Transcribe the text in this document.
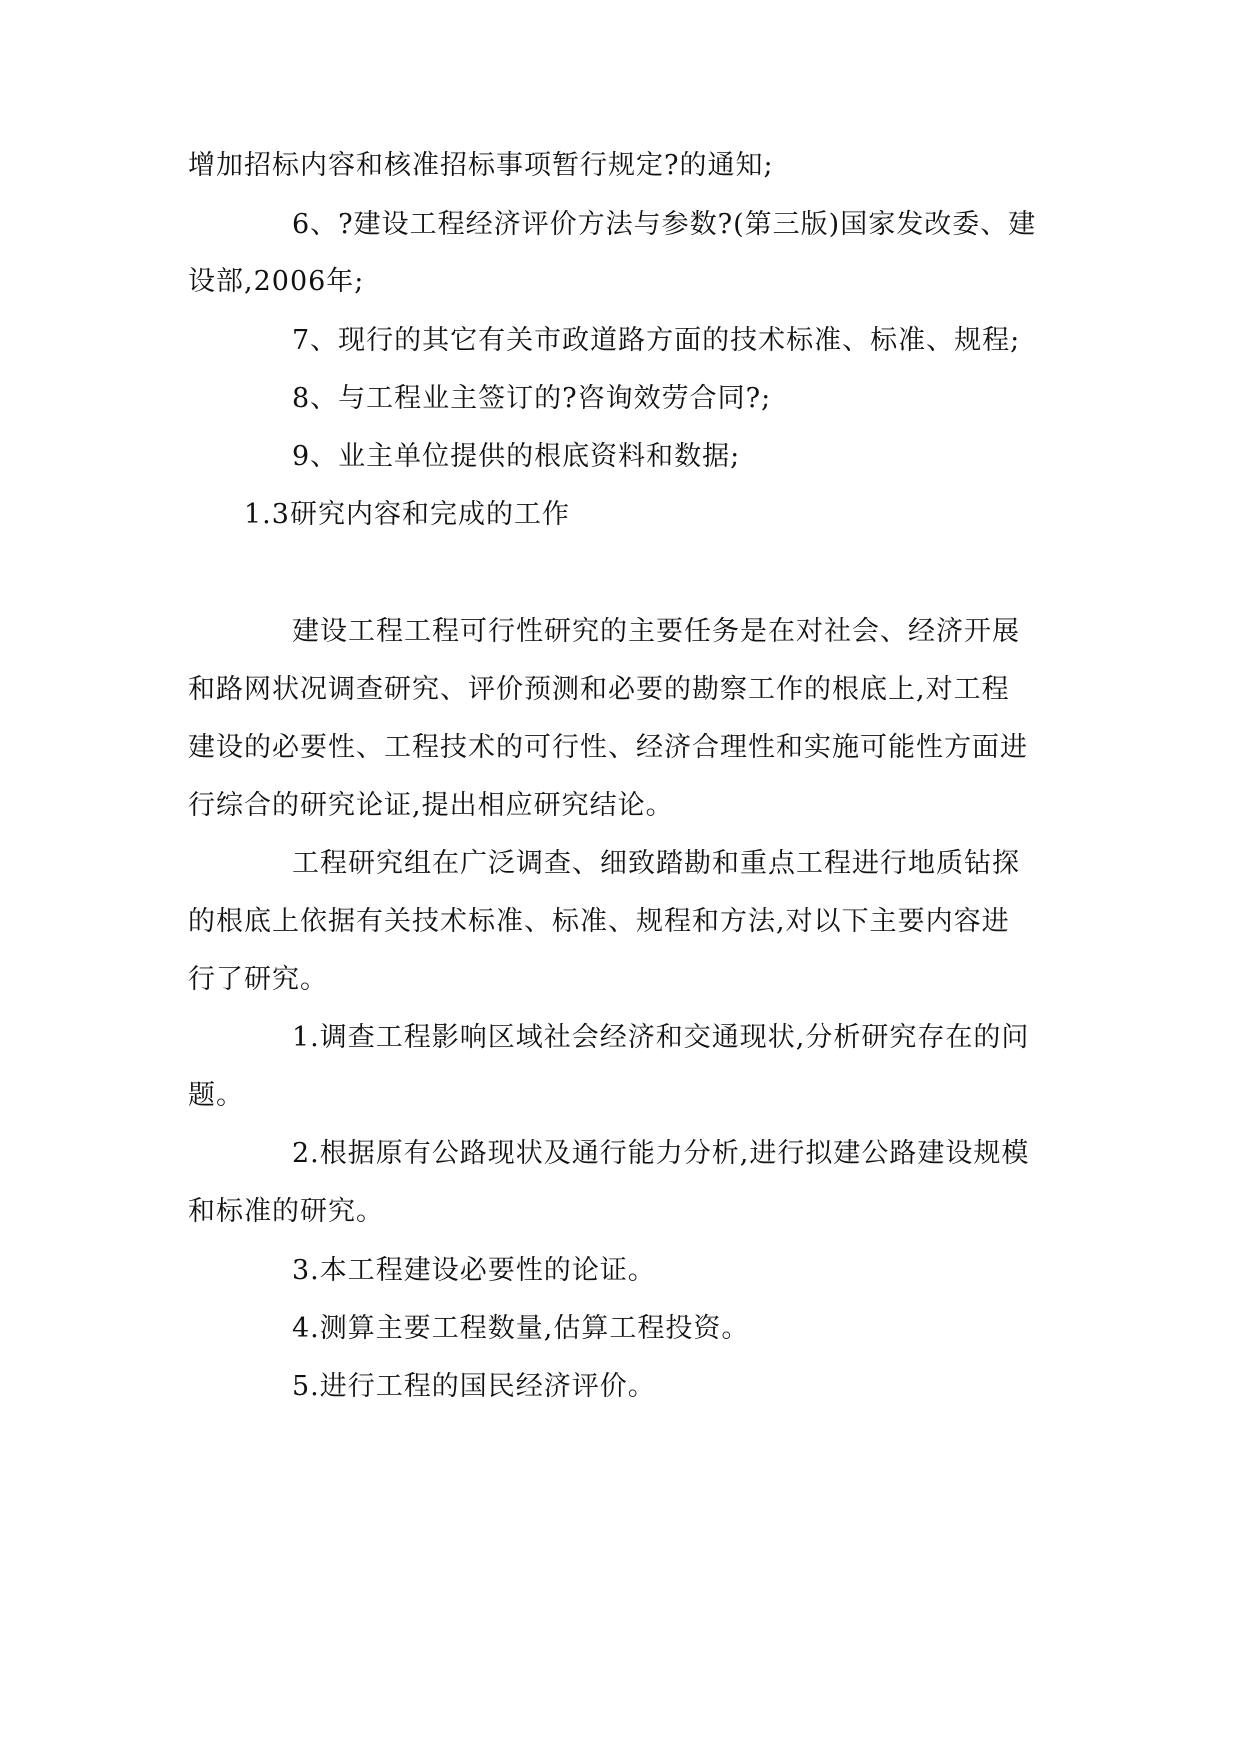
增加招标内容和核准招标事项暂行规定?的通知;
6、?建设工程经济评价方法与参数?(第三版)国家发改委、建
设部,2006年;
7、现行的其它有关市政道路方面的技术标准、标准、规程;
8、与工程业主签订的?咨询效劳合同?;
9、业主单位提供的根底资料和数据;
1.3研究内容和完成的工作
建设工程工程可行性研究的主要任务是在对社会、经济开展
和路网状况调查研究、评价预测和必要的勘察工作的根底上,对工程
建设的必要性、工程技术的可行性、经济合理性和实施可能性方面进
行综合的研究论证,提出相应研究结论。
工程研究组在广泛调查、细致踏勘和重点工程进行地质钻探
的根底上依据有关技术标准、标准、规程和方法,对以下主要内容进
行了研究。
1.调查工程影响区域社会经济和交通现状,分析研究存在的问
题。
2.根据原有公路现状及通行能力分析,进行拟建公路建设规模
和标准的研究。
3.本工程建设必要性的论证。
4.测算主要工程数量,估算工程投资。
5.进行工程的国民经济评价。
